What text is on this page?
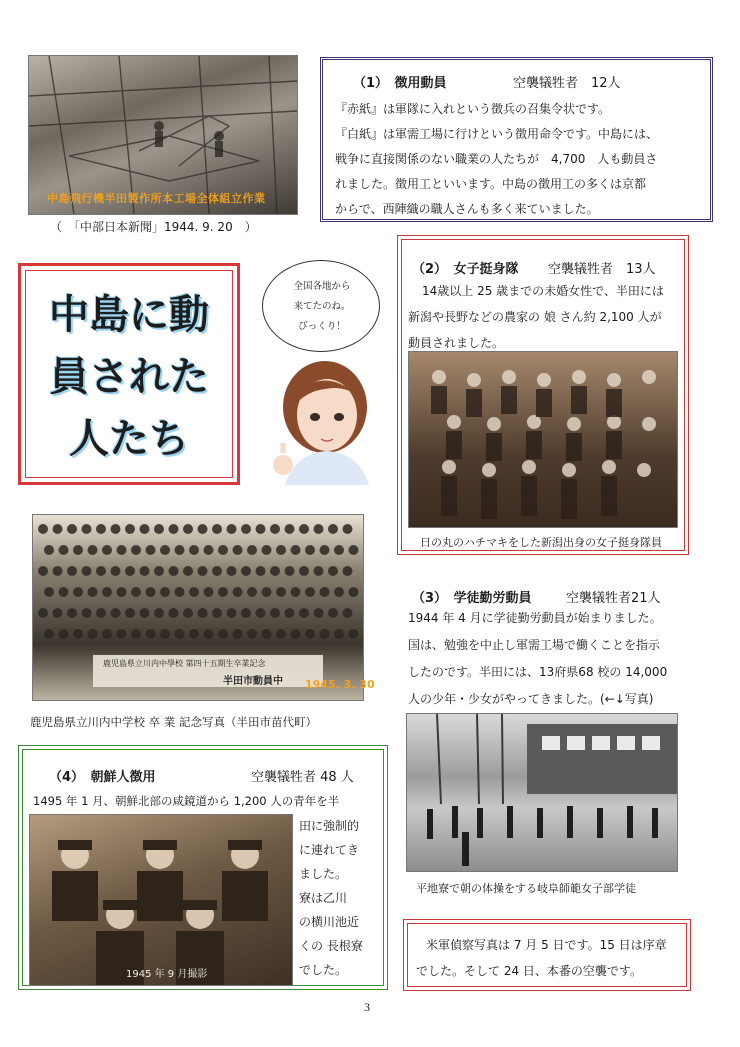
中島飛行機半田製作所本工場全体組立作業
（　「中部日本新聞」1944. 9. 20　）
（1）　徴用動員	空襲犠牲者　12人

『赤紙』は軍隊に入れという徴兵の召集令状です。

『白紙』は軍需工場に行けという徴用命令です。中島には、

戦争に直接関係のない職業の人たちが　4,700　人も動員さ

れました。徴用工といいます。中島の徴用工の多くは京都

からで、西陣織の職人さんも多く来ていました。

中島に動
員された
人たち
全国各地から
来てたのね。
びっくり！
（2）　女子挺身隊 空襲犠牲者　13人

14歳以上 25 歳までの未婚女性で、半田には

新潟や長野などの農家の 娘 さん約 2,100 人が

動員されました。

日の丸のハチマキをした新潟出身の女子挺身隊員
鹿児島県立川内中學校 第四十五期生卒業記念
半田市動員中 1945. 3. 30
鹿児島県立川内中学校 卒 業 記念写真（半田市苗代町）
（3）　学徒勤労動員	空襲犠牲者21人

1944 年 4 月に学徒勤労動員が始まりました。

国は、勉強を中止し軍需工場で働くことを指示

したのです。半田には、13府県68 校の 14,000

人の少年・少女がやってきました。(←↓写真)

平地寮で朝の体操をする岐阜師範女子部学徒
（4）　朝鮮人徴用	空襲犠牲者 48 人
1495 年 1 月、朝鮮北部の咸鏡道から 1,200 人の青年を半
1945 年 9 月撮影

田に強制的

に連れてき

ました。

寮は乙川

の横川池近

くの 長根寮

でした。

米軍偵察写真は 7 月 5 日です。15 日は序章
でした。そして 24 日、本番の空襲です。
3
